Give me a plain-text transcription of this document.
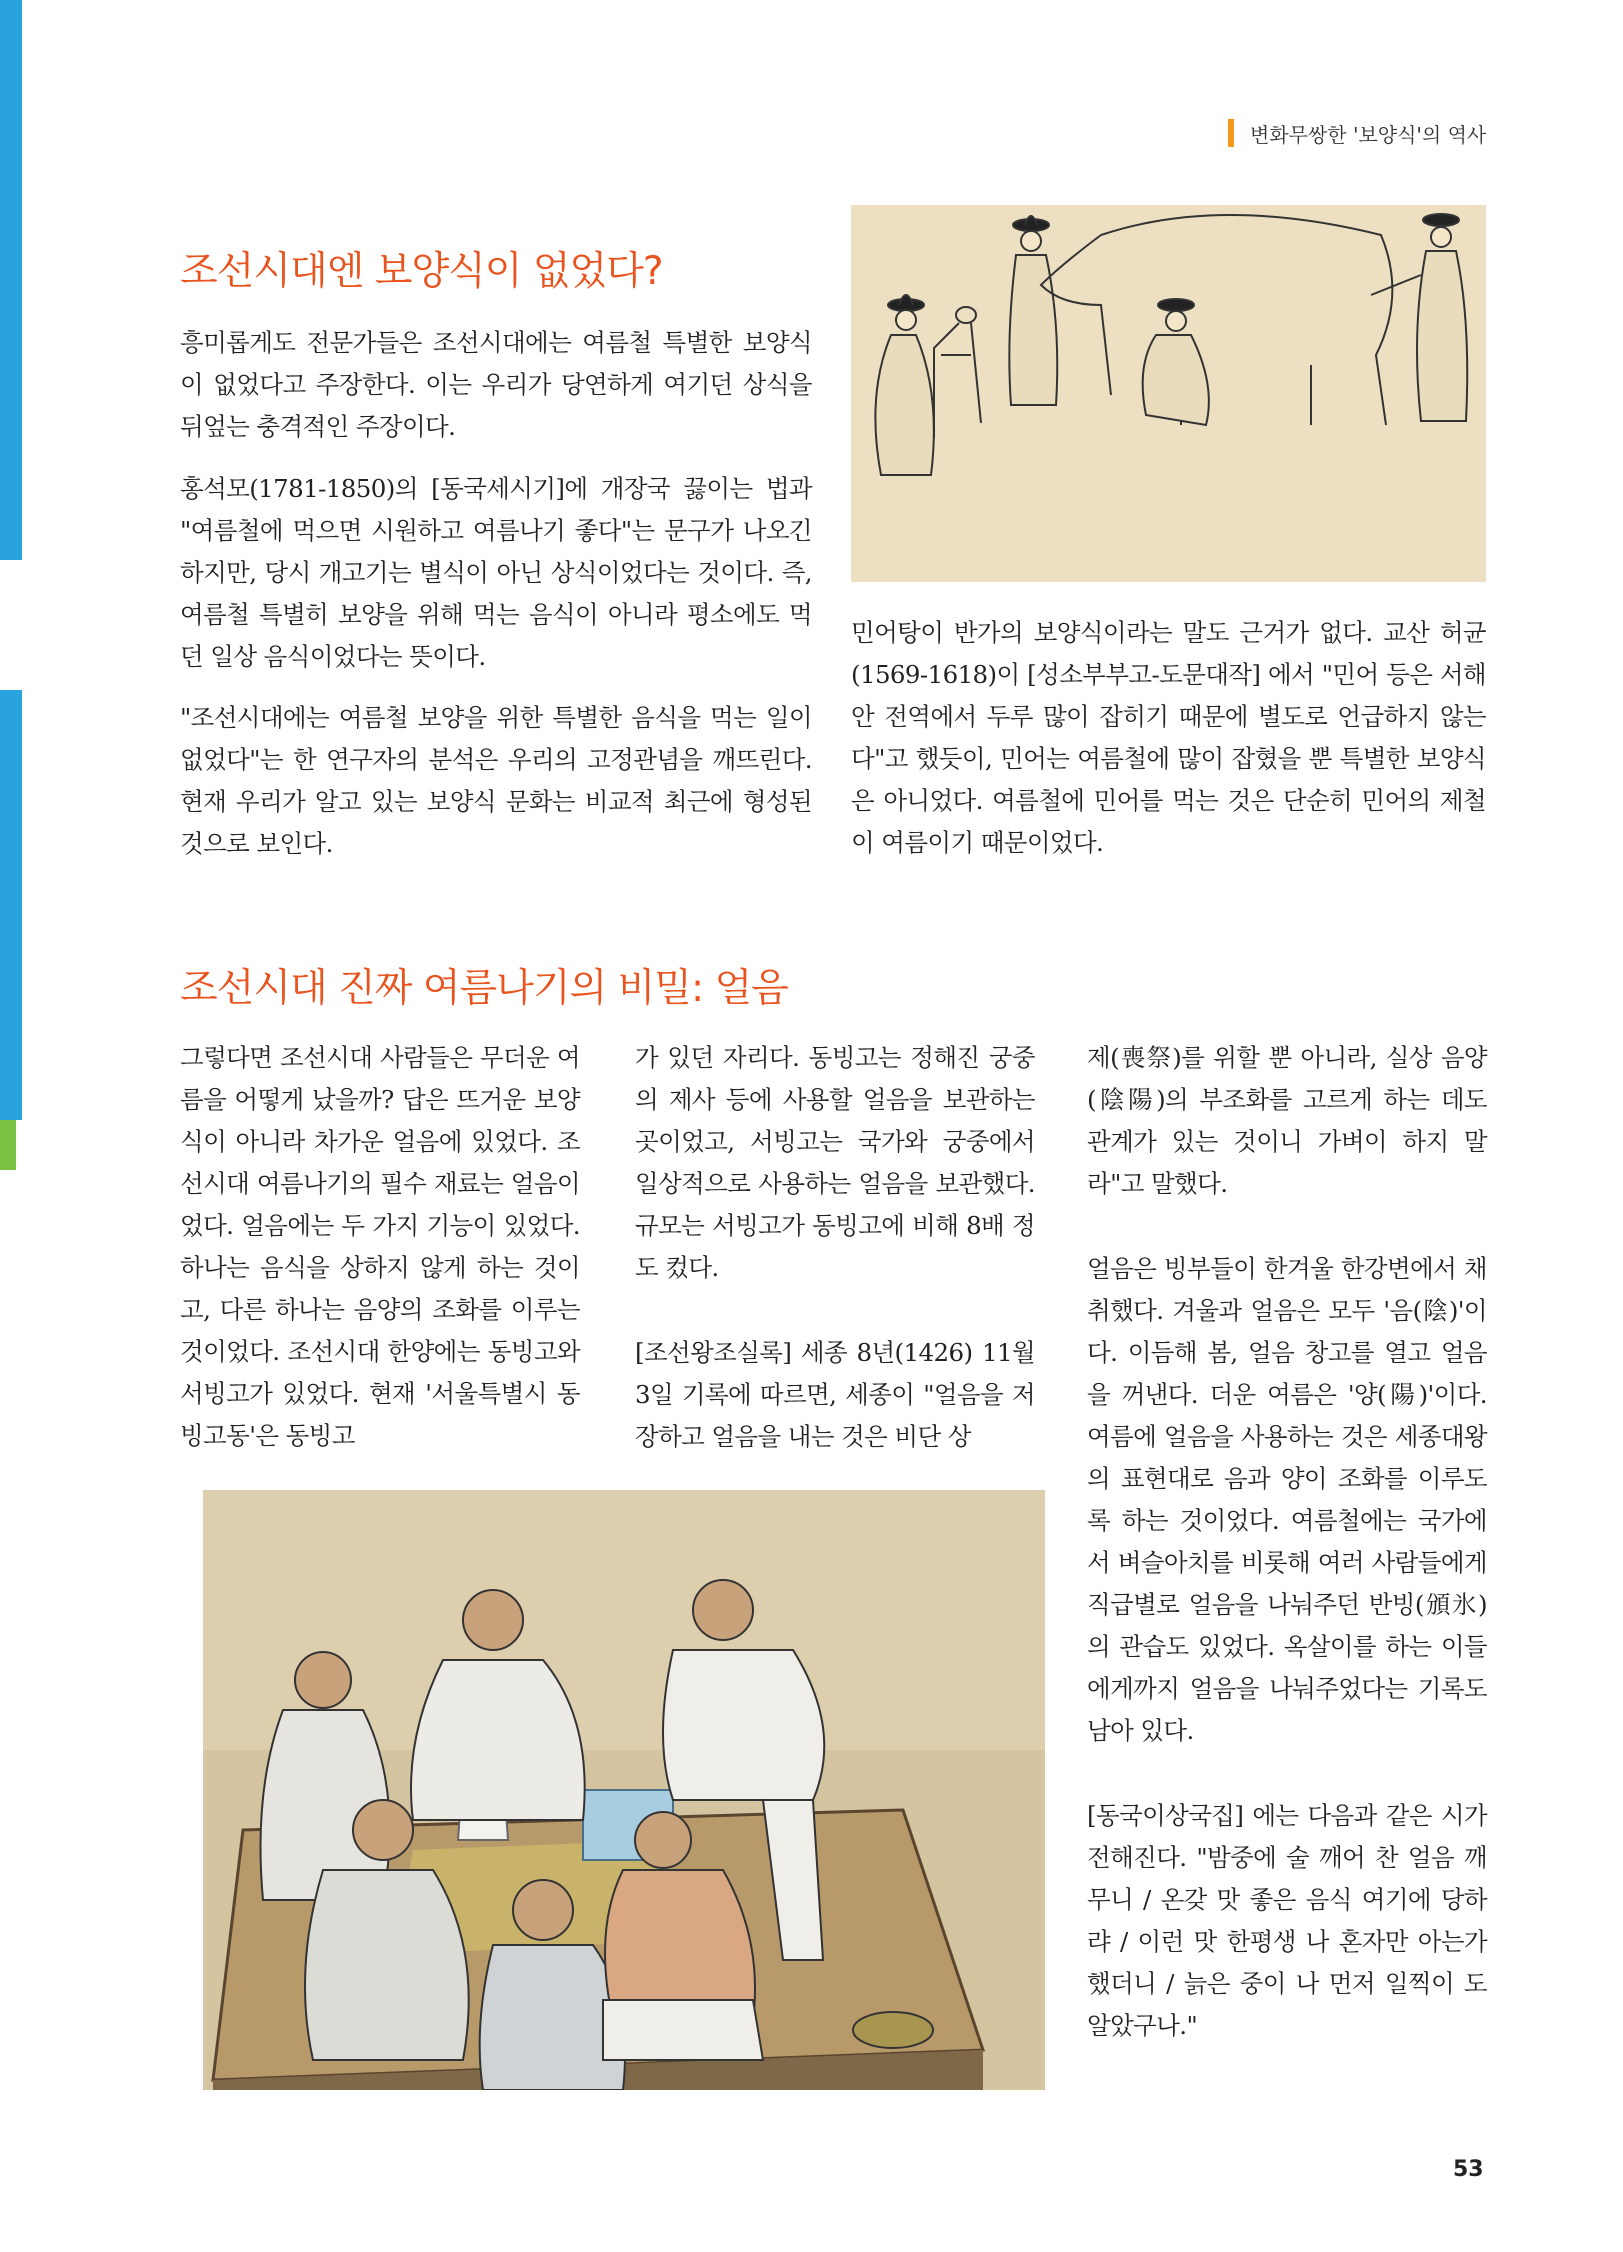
변화무쌍한 '보양식'의 역사
조선시대엔 보양식이 없었다?

흥미롭게도 전문가들은 조선시대에는 여름철 특별한 보양식이 없었다고 주장한다. 이는 우리가 당연하게 여기던 상식을 뒤엎는 충격적인 주장이다.

홍석모(1781-1850)의 [동국세시기]에 개장국 끓이는 법과 "여름철에 먹으면 시원하고 여름나기 좋다"는 문구가 나오긴 하지만, 당시 개고기는 별식이 아닌 상식이었다는 것이다. 즉, 여름철 특별히 보양을 위해 먹는 음식이 아니라 평소에도 먹던 일상 음식이었다는 뜻이다.

"조선시대에는 여름철 보양을 위한 특별한 음식을 먹는 일이 없었다"는 한 연구자의 분석은 우리의 고정관념을 깨뜨린다. 현재 우리가 알고 있는 보양식 문화는 비교적 최근에 형성된 것으로 보인다.

민어탕이 반가의 보양식이라는 말도 근거가 없다. 교산 허균(1569-1618)이 [성소부부고-도문대작] 에서 "민어 등은 서해안 전역에서 두루 많이 잡히기 때문에 별도로 언급하지 않는다"고 했듯이, 민어는 여름철에 많이 잡혔을 뿐 특별한 보양식은 아니었다. 여름철에 민어를 먹는 것은 단순히 민어의 제철이 여름이기 때문이었다.

조선시대 진짜 여름나기의 비밀: 얼음

그렇다면 조선시대 사람들은 무더운 여름을 어떻게 났을까? 답은 뜨거운 보양식이 아니라 차가운 얼음에 있었다. 조선시대 여름나기의 필수 재료는 얼음이었다. 얼음에는 두 가지 기능이 있었다. 하나는 음식을 상하지 않게 하는 것이고, 다른 하나는 음양의 조화를 이루는 것이었다. 조선시대 한양에는 동빙고와 서빙고가 있었다. 현재 '서울특별시 동빙고동'은 동빙고

가 있던 자리다. 동빙고는 정해진 궁중의 제사 등에 사용할 얼음을 보관하는 곳이었고, 서빙고는 국가와 궁중에서 일상적으로 사용하는 얼음을 보관했다. 규모는 서빙고가 동빙고에 비해 8배 정도 컸다.

[조선왕조실록] 세종 8년(1426) 11월 3일 기록에 따르면, 세종이 "얼음을 저장하고 얼음을 내는 것은 비단 상

제(喪祭)를 위할 뿐 아니라, 실상 음양(陰陽)의 부조화를 고르게 하는 데도 관계가 있는 것이니 가벼이 하지 말라"고 말했다.

얼음은 빙부들이 한겨울 한강변에서 채취했다. 겨울과 얼음은 모두 '음(陰)'이다. 이듬해 봄, 얼음 창고를 열고 얼음을 꺼낸다. 더운 여름은 '양(陽)'이다. 여름에 얼음을 사용하는 것은 세종대왕의 표현대로 음과 양이 조화를 이루도록 하는 것이었다. 여름철에는 국가에서 벼슬아치를 비롯해 여러 사람들에게 직급별로 얼음을 나눠주던 반빙(頒氷)의 관습도 있었다. 옥살이를 하는 이들에게까지 얼음을 나눠주었다는 기록도 남아 있다.

[동국이상국집] 에는 다음과 같은 시가 전해진다. "밤중에 술 깨어 찬 얼음 깨무니 / 온갖 맛 좋은 음식 여기에 당하랴 / 이런 맛 한평생 나 혼자만 아는가 했더니 / 늙은 중이 나 먼저 일찍이 도 알았구나."

53
